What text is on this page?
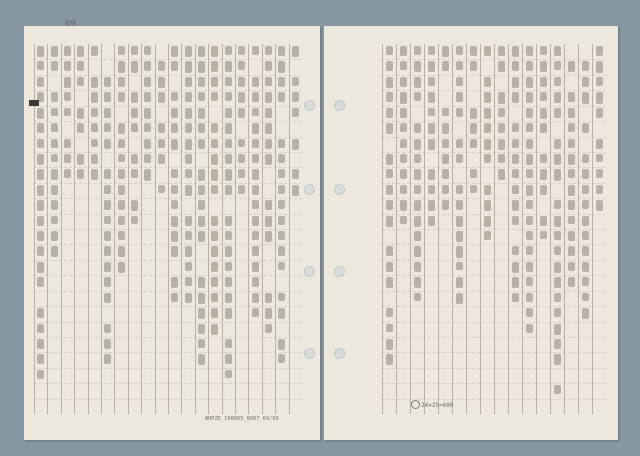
69
WHPZE_100005_0007_69/99
24×25=600
